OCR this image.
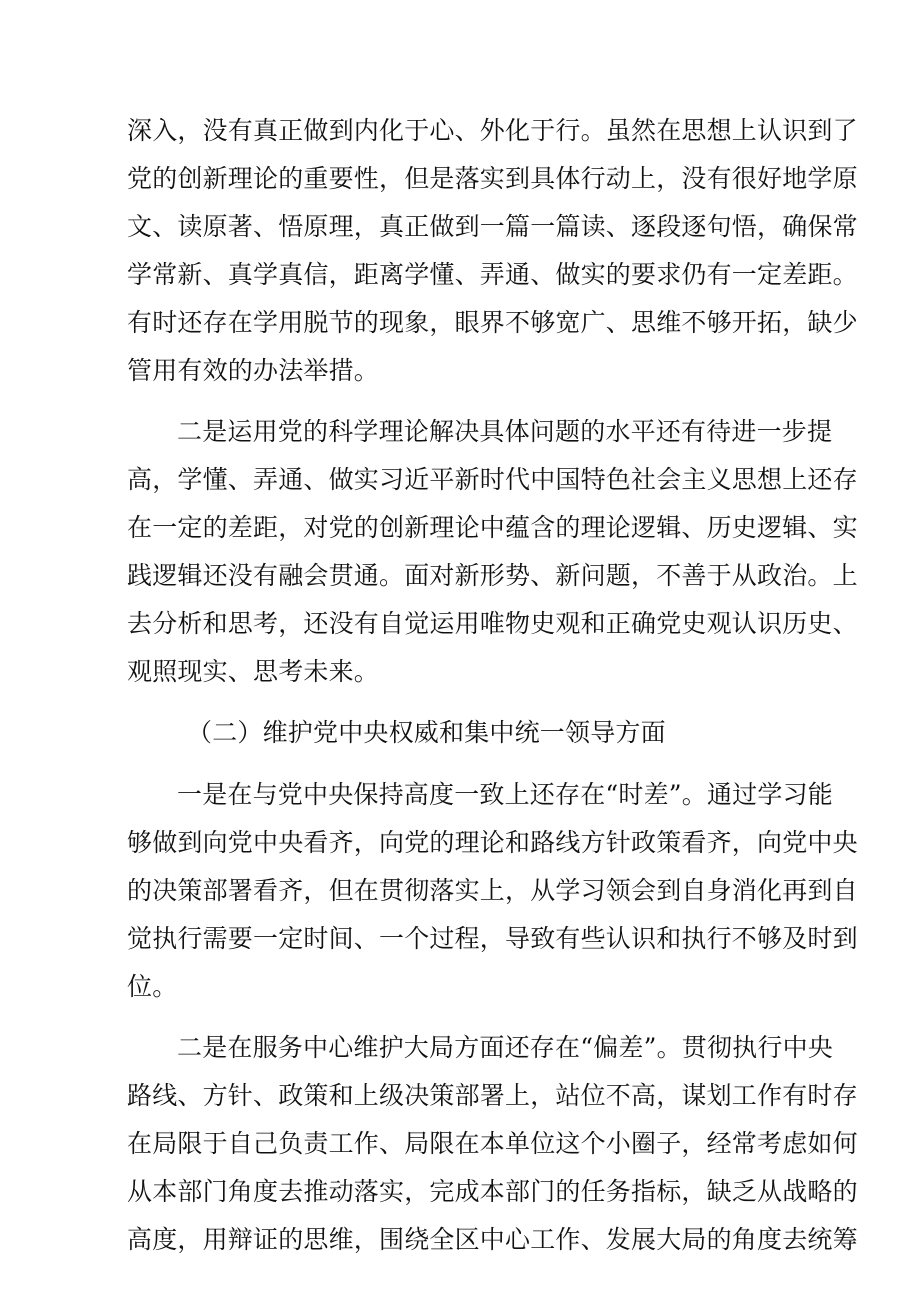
深入，没有真正做到内化于心、外化于行。虽然在思想上认识到了
党的创新理论的重要性，但是落实到具体行动上，没有很好地学原
文、读原著、悟原理，真正做到一篇一篇读、逐段逐句悟，确保常
学常新、真学真信，距离学懂、弄通、做实的要求仍有一定差距。
有时还存在学用脱节的现象，眼界不够宽广、思维不够开拓，缺少
管用有效的办法举措。
二是运用党的科学理论解决具体问题的水平还有待进一步提
高，学懂、弄通、做实习近平新时代中国特色社会主义思想上还存
在一定的差距，对党的创新理论中蕴含的理论逻辑、历史逻辑、实
践逻辑还没有融会贯通。面对新形势、新问题，不善于从政治。上
去分析和思考，还没有自觉运用唯物史观和正确党史观认识历史、
观照现实、思考未来。
（二）维护党中央权威和集中统一领导方面
一是在与党中央保持高度一致上还存在“时差”。通过学习能
够做到向党中央看齐，向党的理论和路线方针政策看齐，向党中央
的决策部署看齐，但在贯彻落实上，从学习领会到自身消化再到自
觉执行需要一定时间、一个过程，导致有些认识和执行不够及时到
位。
二是在服务中心维护大局方面还存在“偏差”。贯彻执行中央
路线、方针、政策和上级决策部署上，站位不高，谋划工作有时存
在局限于自己负责工作、局限在本单位这个小圈子，经常考虑如何
从本部门角度去推动落实，完成本部门的任务指标，缺乏从战略的
高度，用辩证的思维，围绕全区中心工作、发展大局的角度去统筹
